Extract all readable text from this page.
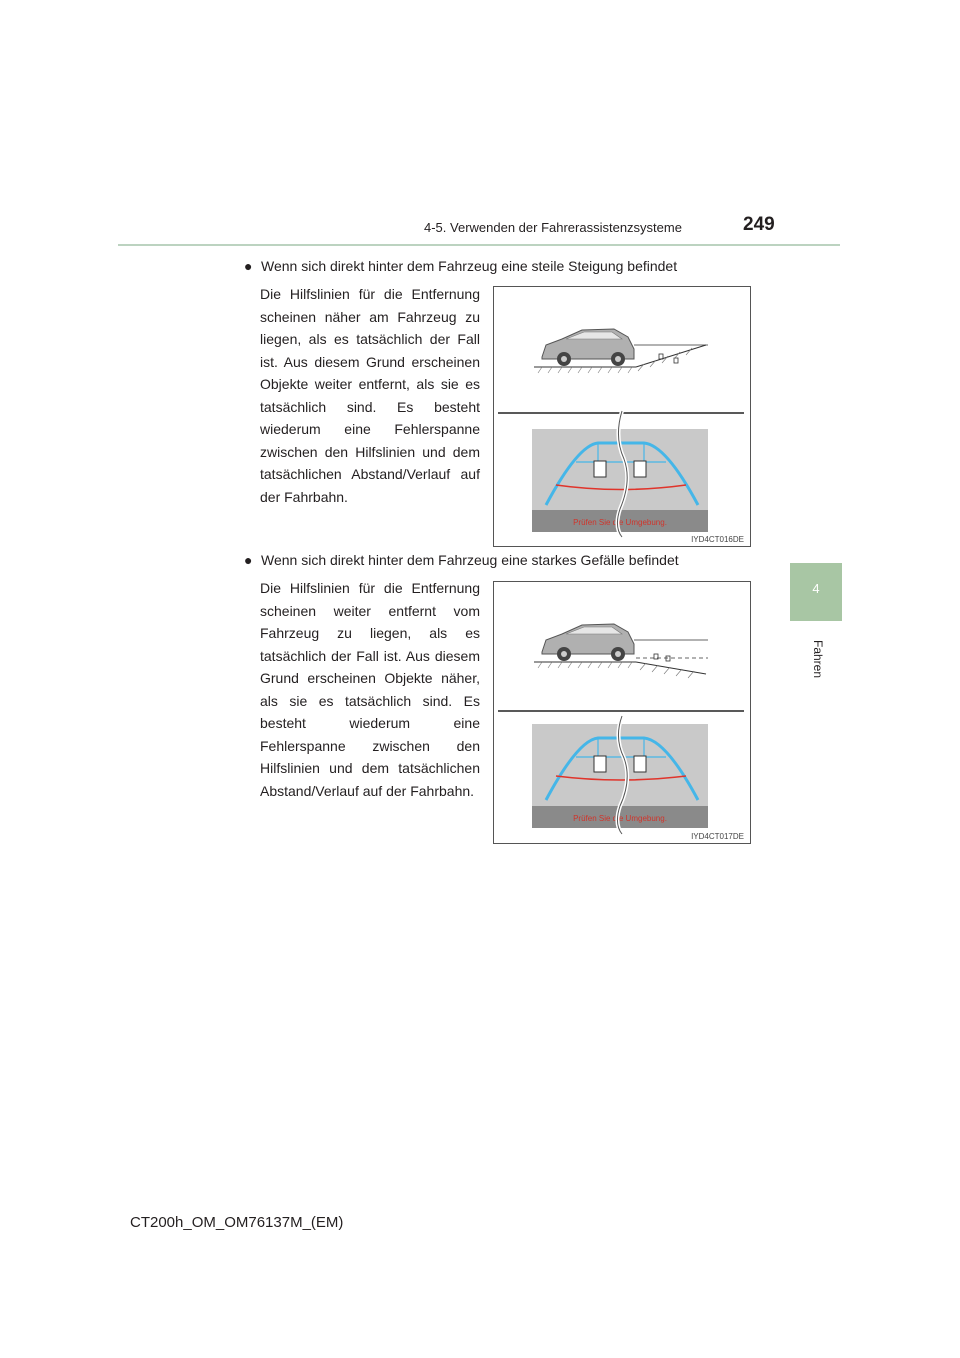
4-5. Verwenden der Fahrerassistenzsysteme	249
4
Fahren
● Wenn sich direkt hinter dem Fahrzeug eine steile Steigung befindet
Die Hilfslinien für die Entfernung scheinen näher am Fahrzeug zu liegen, als es tatsächlich der Fall ist. Aus diesem Grund erscheinen Objekte weiter entfernt, als sie es tatsächlich sind. Es besteht wiederum eine Fehlerspanne zwischen den Hilfslinien und dem tatsächlichen Abstand/Verlauf auf der Fahrbahn.
Prüfen Sie die Umgebung.
IYD4CT016DE
● Wenn sich direkt hinter dem Fahrzeug eine starkes Gefälle befindet
Die Hilfslinien für die Entfernung scheinen weiter entfernt vom Fahrzeug zu liegen, als es tatsächlich der Fall ist. Aus diesem Grund erscheinen Objekte näher, als sie es tatsächlich sind. Es besteht wiederum eine Fehlerspanne zwischen den Hilfslinien und dem tatsächlichen Abstand/Verlauf auf der Fahrbahn.
Prüfen Sie die Umgebung.
IYD4CT017DE
CT200h_OM_OM76137M_(EM)
